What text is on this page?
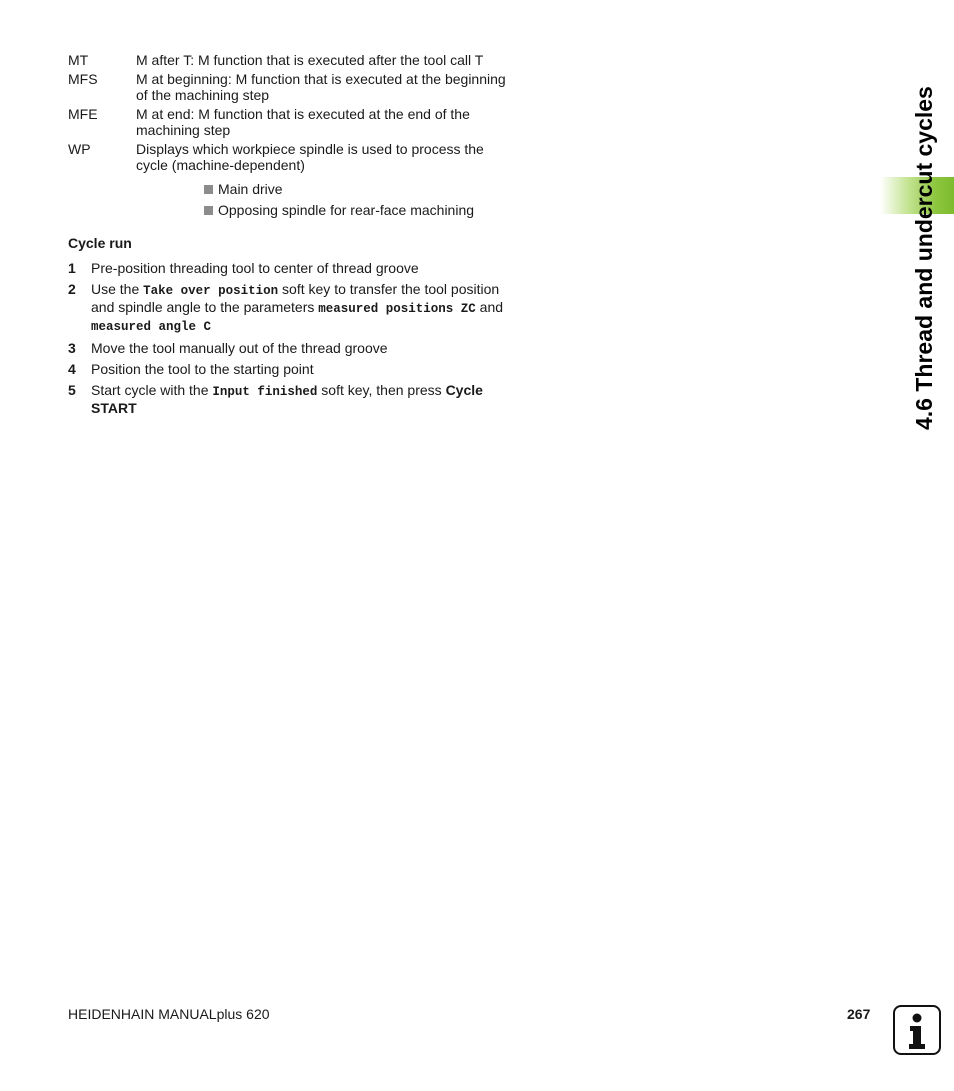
MT	M after T: M function that is executed after the tool call T
MFS	M at beginning: M function that is executed at the beginning of the machining step
MFE	M at end: M function that is executed at the end of the machining step
WP	Displays which workpiece spindle is used to process the cycle (machine-dependent)
Main drive
Opposing spindle for rear-face machining
Cycle run
1	Pre-position threading tool to center of thread groove
2	Use the Take over position soft key to transfer the tool position and spindle angle to the parameters measured positions ZC and measured angle C
3	Move the tool manually out of the thread groove
4	Position the tool to the starting point
5	Start cycle with the Input finished soft key, then press Cycle START	4.6 Thread and undercut cycles
HEIDENHAIN MANUALplus 620	267
